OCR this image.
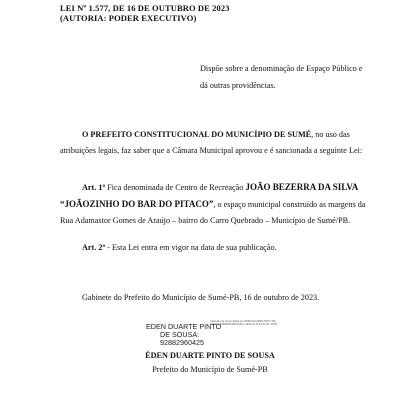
LEI Nº 1.577, DE 16 DE OUTUBRO DE 2023
(AUTORIA: PODER EXECUTIVO)
Dispõe sobre a denominação de Espaço Público e
dá outras providências.
O PREFEITO CONSTITUCIONAL DO MUNICÍPIO DE SUMÉ, no uso das
atribuições legais, faz saber que a Câmara Municipal aprovou e é sancionada a seguinte Lei:
Art. 1º Fica denominada de Centro de Recreação JOÃO BEZERRA DA SILVA
“JOÃOZINHO DO BAR DO PITACO”, o espaço municipal construído as margens da
Rua Adamastor Gomes de Araújo – bairro do Carro Quebrado – Município de Sumé/PB.
Art. 2º - Esta Lei entra em vigor na data de sua publicação.
Gabinete do Prefeito do Município de Sumé-PB, 16 de outubro de 2023.
EDEN DUARTE PINTO
DE SOUSA:
92882960425
Assinado de forma digital por EDEN DUARTE PINTO DE SOUSA:92882960425 Dados: 2023.10.16 10:22:35 -03'00'
ÉDEN DUARTE PINTO DE SOUSA
Prefeito do Município de Sumé-PB
